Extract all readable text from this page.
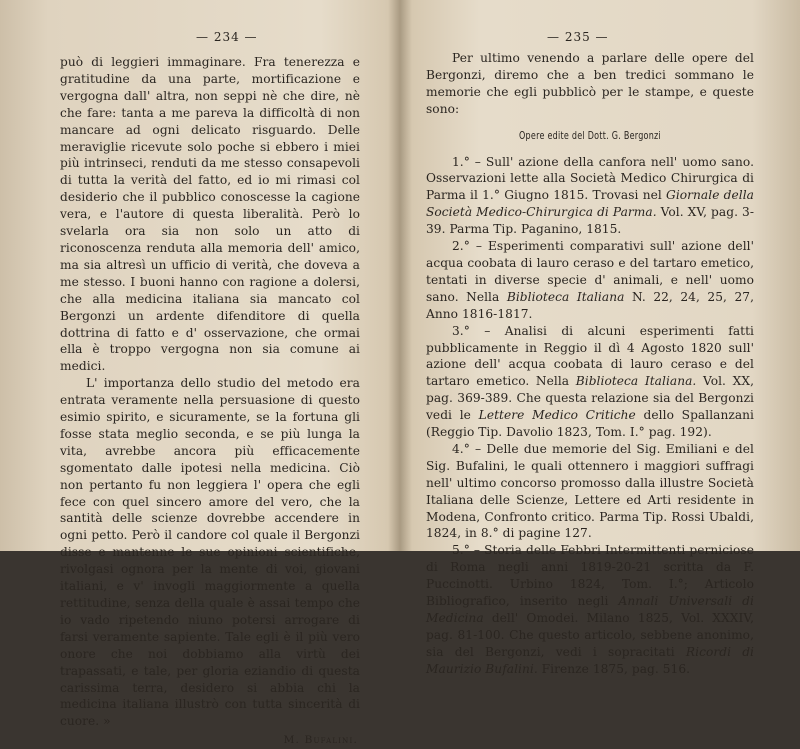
— 234 —

può di leggieri immaginare. Fra tenerezza e gratitudine da una parte, mortificazione e vergogna dall' altra, non seppi nè che dire, nè che fare: tanta a me pareva la difficoltà di non mancare ad ogni delicato risguardo. Delle meraviglie ricevute solo poche si ebbero i miei più intrinseci, renduti da me stesso consapevoli di tutta la verità del fatto, ed io mi rimasi col desiderio che il pubblico conoscesse la cagione vera, e l'autore di questa liberalità. Però lo svelarla ora sia non solo un atto di riconoscenza renduta alla memoria dell' amico, ma sia altresì un ufficio di verità, che doveva a me stesso. I buoni hanno con ragione a dolersi, che alla medicina italiana sia mancato col Bergonzi un ardente difenditore di quella dottrina di fatto e d' osservazione, che ormai ella è troppo vergogna non sia comune ai medici.

L' importanza dello studio del metodo era entrata veramente nella persuasione di questo esimio spirito, e sicuramente, se la fortuna gli fosse stata meglio seconda, e se più lunga la vita, avrebbe ancora più efficacemente sgomentato dalle ipotesi nella medicina. Ciò non pertanto fu non leggiera l' opera che egli fece con quel sincero amore del vero, che la santità delle scienze dovrebbe accendere in ogni petto. Però il candore col quale il Bergonzi disse e mantenne le sue opinioni scientifiche, rivolgasi ognora per la mente di voi, giovani italiani, e v' invogli maggiormente a quella rettitudine, senza della quale è assai tempo che io vado ripetendo niuno potersi arrogare di farsi veramente sapiente. Tale egli è il più vero onore che noi dobbiamo alla virtù dei trapassati, e tale, per gloria eziandio di questa carissima terra, desidero si abbia chi la medicina italiana illustrò con tutta sincerità di cuore. »

M. Bufalini.
— 235 —

Per ultimo venendo a parlare delle opere del Bergonzi, diremo che a ben tredici sommano le memorie che egli pubblicò per le stampe, e queste sono:

Opere edite del Dott. G. Bergonzi

1.° – Sull' azione della canfora nell' uomo sano. Osservazioni lette alla Società Medico Chirurgica di Parma il 1.° Giugno 1815. Trovasi nel Giornale della Società Medico-Chirurgica di Parma. Vol. XV, pag. 3-39. Parma Tip. Paganino, 1815.

2.° – Esperimenti comparativi sull' azione dell' acqua coobata di lauro ceraso e del tartaro emetico, tentati in diverse specie d' animali, e nell' uomo sano. Nella Biblioteca Italiana N. 22, 24, 25, 27, Anno 1816-1817.

3.° – Analisi di alcuni esperimenti fatti pubblicamente in Reggio il dì 4 Agosto 1820 sull' azione dell' acqua coobata di lauro ceraso e del tartaro emetico. Nella Biblioteca Italiana. Vol. XX, pag. 369-389. Che questa relazione sia del Bergonzi vedi le Lettere Medico Critiche dello Spallanzani (Reggio Tip. Davolio 1823, Tom. I.° pag. 192).

4.° – Delle due memorie del Sig. Emiliani e del Sig. Bufalini, le quali ottennero i maggiori suffragi nell' ultimo concorso promosso dalla illustre Società Italiana delle Scienze, Lettere ed Arti residente in Modena, Confronto critico. Parma Tip. Rossi Ubaldi, 1824, in 8.° di pagine 127.

5.° – Storia delle Febbri Intermittenti perniciose di Roma negli anni 1819-20-21 scritta da F. Puccinotti. Urbino 1824, Tom. I.°; Articolo Bibliografico, inserito negli Annali Universali di Medicina dell' Omodei. Milano 1825, Vol. XXXIV, pag. 81-100. Che questo articolo, sebbene anonimo, sia del Bergonzi, vedi i sopracitati Ricordi di Maurizio Bufalini. Firenze 1875, pag. 516.
